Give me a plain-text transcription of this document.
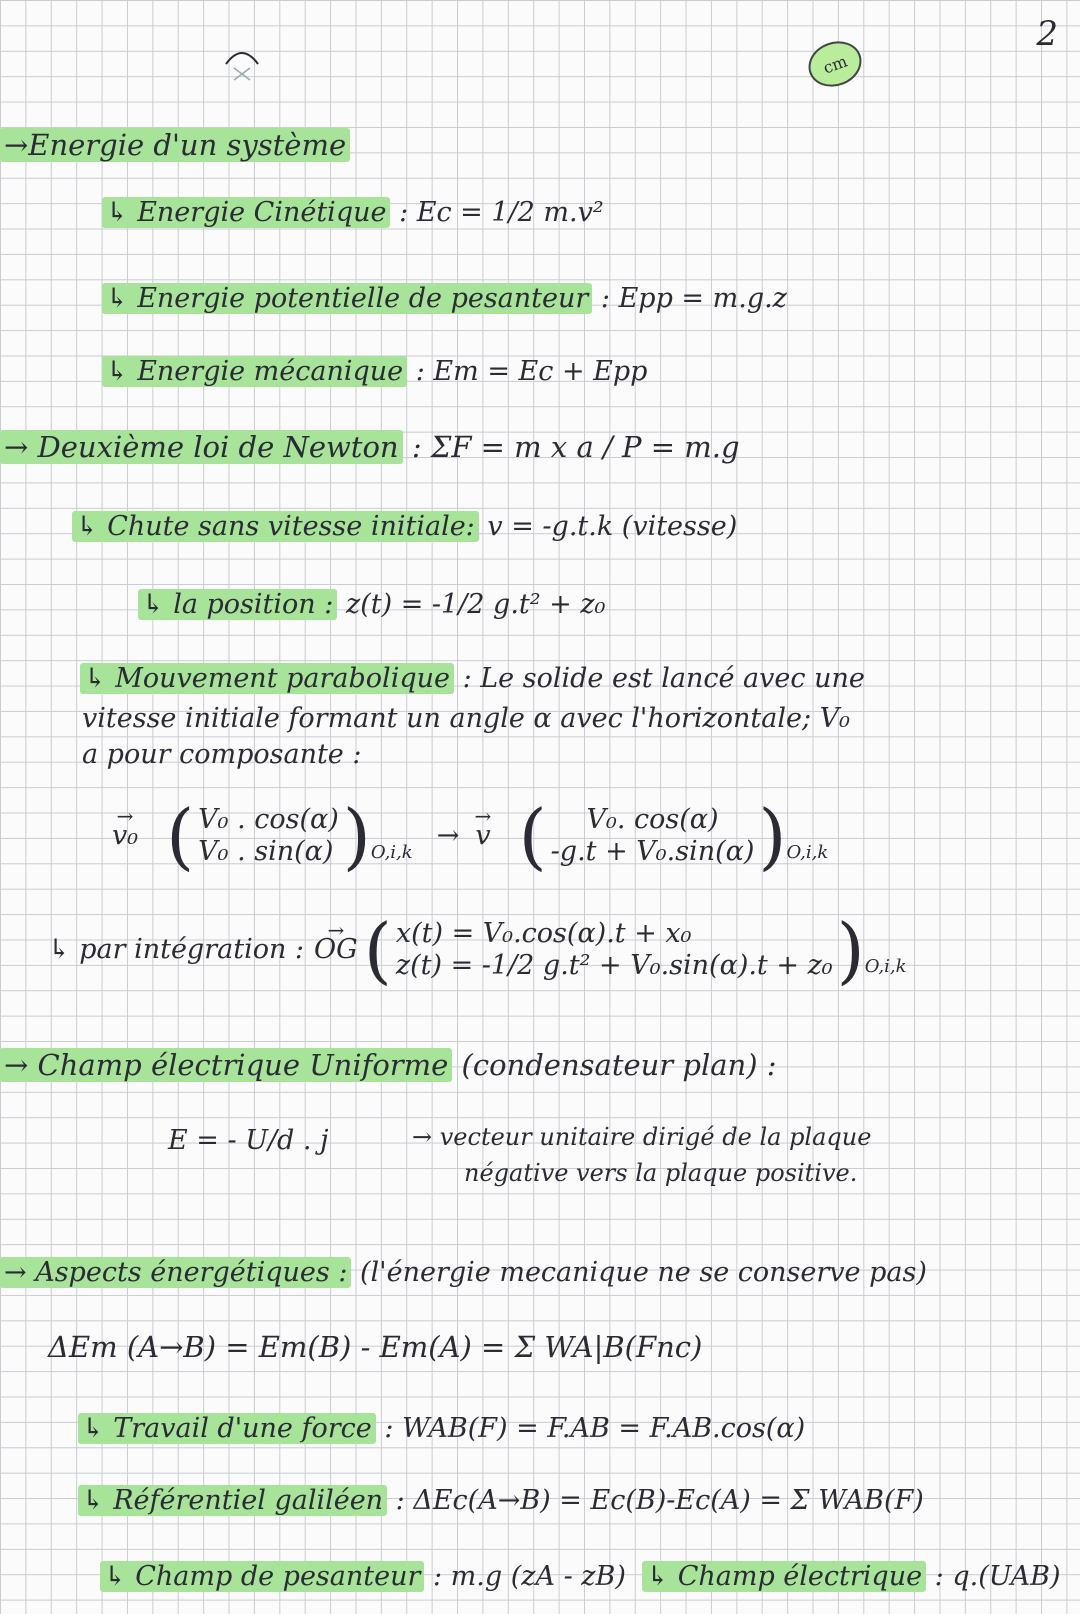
2
cm
→Energie d'un système
↳ Energie Cinétique : Ec = 1/2 m.v²
↳ Energie potentielle de pesanteur : Epp = m.g.z
↳ Energie mécanique : Em = Ec + Epp
→ Deuxième loi de Newton : ΣF = m x a / P = m.g
↳ Chute sans vitesse initiale: v = -g.t.k (vitesse)
↳ la position : z(t) = -1/2 g.t² + z₀
↳ Mouvement parabolique : Le solide est lancé avec une
vitesse initiale formant un angle α avec l'horizontale; V₀
a pour composante :
→ v₀ ( V₀ . cos(α)
V₀ . sin(α) ) O,i,k
→ → v ( V₀. cos(α)
-g.t + V₀.sin(α) ) O,i,k
↳ par intégration : → OG ( x(t) = V₀.cos(α).t + x₀
z(t) = -1/2 g.t² + V₀.sin(α).t + z₀ ) O,i,k
→ Champ électrique Uniforme (condensateur plan) :
E = - U/d . j	→ vecteur unitaire dirigé de la plaque
négative vers la plaque positive.
→ Aspects énergétiques : (l'énergie mecanique ne se conserve pas)
ΔEm (A→B) = Em(B) - Em(A) = Σ WA|B(Fnc)
↳ Travail d'une force : WAB(F) = F.AB = F.AB.cos(α)
↳ Référentiel galiléen : ΔEc(A→B) = Ec(B)-Ec(A) = Σ WAB(F)
↳ Champ de pesanteur : m.g (zA - zB) ↳ Champ électrique : q.(UAB)
